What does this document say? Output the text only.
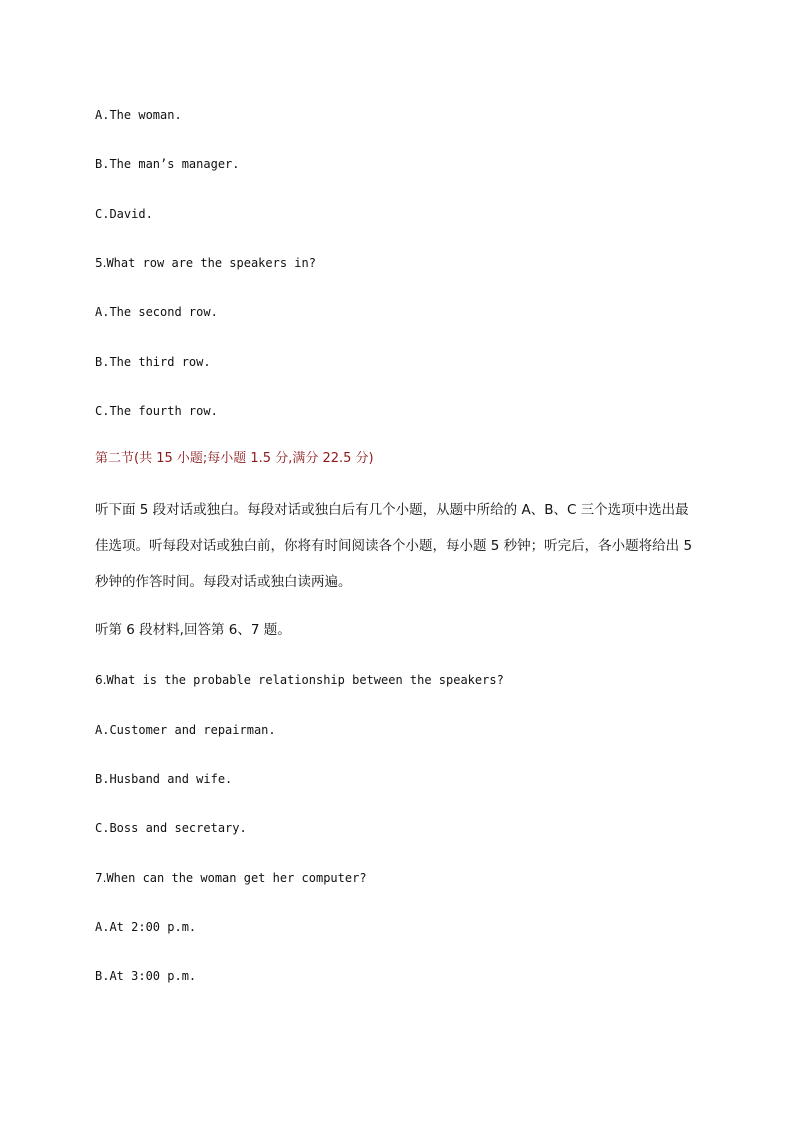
A.The woman.
B.The man’s manager.
C.David.
5.What row are the speakers in?
A.The second row.
B.The third row.
C.The fourth row.
第二节(共 15 小题;每小题 1.5 分,满分 22.5 分)
听下面 5 段对话或独白。每段对话或独白后有几个小题，从题中所给的 A、B、C 三个选项中选出最佳选项。听每段对话或独白前，你将有时间阅读各个小题，每小题 5 秒钟；听完后，各小题将给出 5 秒钟的作答时间。每段对话或独白读两遍。
听第 6 段材料,回答第 6、7 题。
6.What is the probable relationship between the speakers?
A.Customer and repairman.
B.Husband and wife.
C.Boss and secretary.
7.When can the woman get her computer?
A.At 2:00 p.m.
B.At 3:00 p.m.
